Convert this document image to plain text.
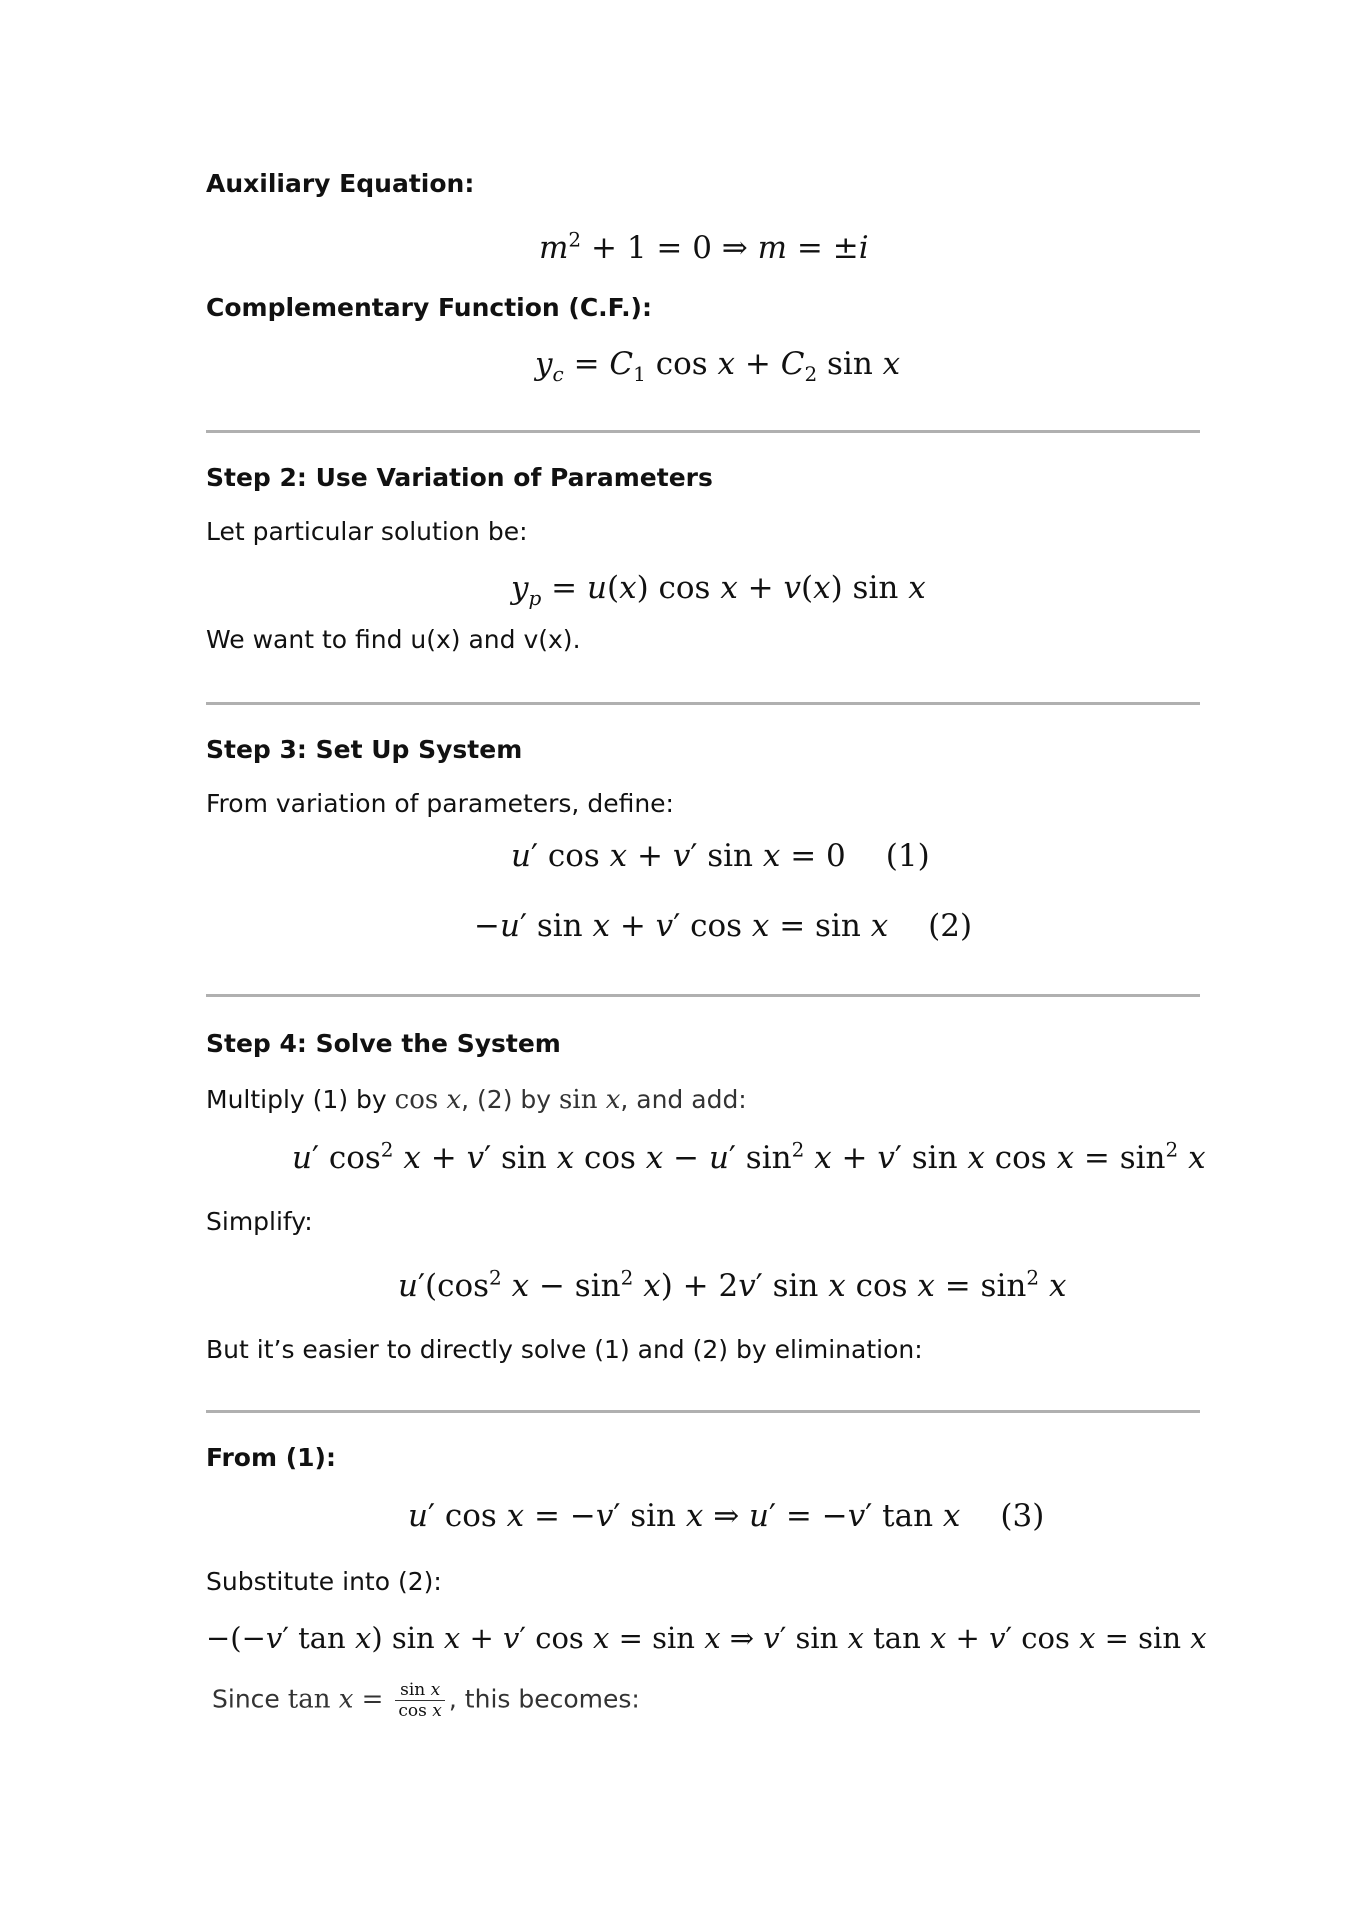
Auxiliary Equation:
$m^2 + 1 = 0$ ⇒ m = ±i
Complementary Function (C.F.):
$y_c = C_1$ $\cos x + C_2$ sin x
Step 2: Use Variation of Parameters
Let particular solution be:
$y_p = u(x)$ cos x + v(x) sin x
We want to find u(x) and v(x).
Step 3: Set Up System
From variation of parameters, define:
u′ cos x + v′ sin x = 0 (1)
−u′ sin x + v′ cos x = sin x (2)
Step 4: Solve the System
Multiply (1) by cos x, (2) by sin x, and add:
u′ $\cos^2 x + v'$ sin x cos x − u′ $\sin^2 x + v'$ sin x $\cos x = \sin^2 x$
Simplify:
$u'(\cos^2$ $x - \sin^2 x) + 2v'$ sin x $\cos x = \sin^2 x$
But it’s easier to directly solve (1) and (2) by elimination:
From (1):
u′ cos x = −v′ sin x ⇒ u′ = −v′ tan x (3)
Substitute into (2):
−(−v′ tan x) sin x + v′ cos x = sin x ⇒ v′ sin x tan x + v′ cos x = sin x
Since $\tan x = \frac{\text{sin x}}{\text{cos x}}$ , this becomes:
